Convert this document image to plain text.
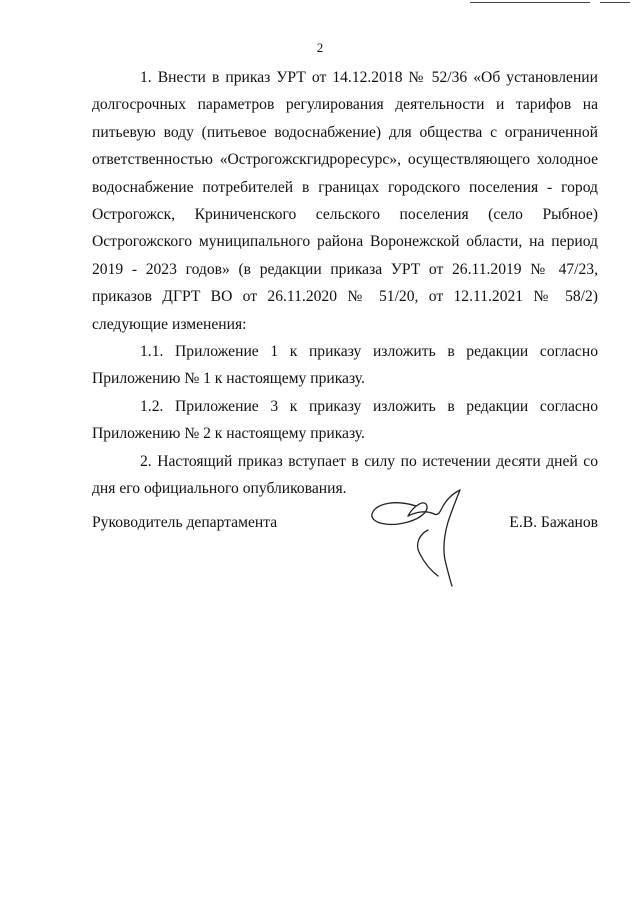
2

1. Внести в приказ УРТ от 14.12.2018 № 52/36 «Об установлении долгосрочных параметров регулирования деятельности и тарифов на питьевую воду (питьевое водоснабжение) для общества с ограниченной ответственностью «Острогожскгидроресурс», осуществляющего холодное водоснабжение потребителей в границах городского поселения - город Острогожск, Криниченского сельского поселения (село Рыбное) Острогожского муниципального района Воронежской области, на период 2019 - 2023 годов» (в редакции приказа УРТ от 26.11.2019 № 47/23, приказов ДГРТ ВО от 26.11.2020 № 51/20, от 12.11.2021 № 58/2) следующие изменения:

1.1. Приложение 1 к приказу изложить в редакции согласно Приложению № 1 к настоящему приказу.

1.2. Приложение 3 к приказу изложить в редакции согласно Приложению № 2 к настоящему приказу.

2. Настоящий приказ вступает в силу по истечении десяти дней со дня его официального опубликования.

Руководитель департамента	Е.В. Бажанов
